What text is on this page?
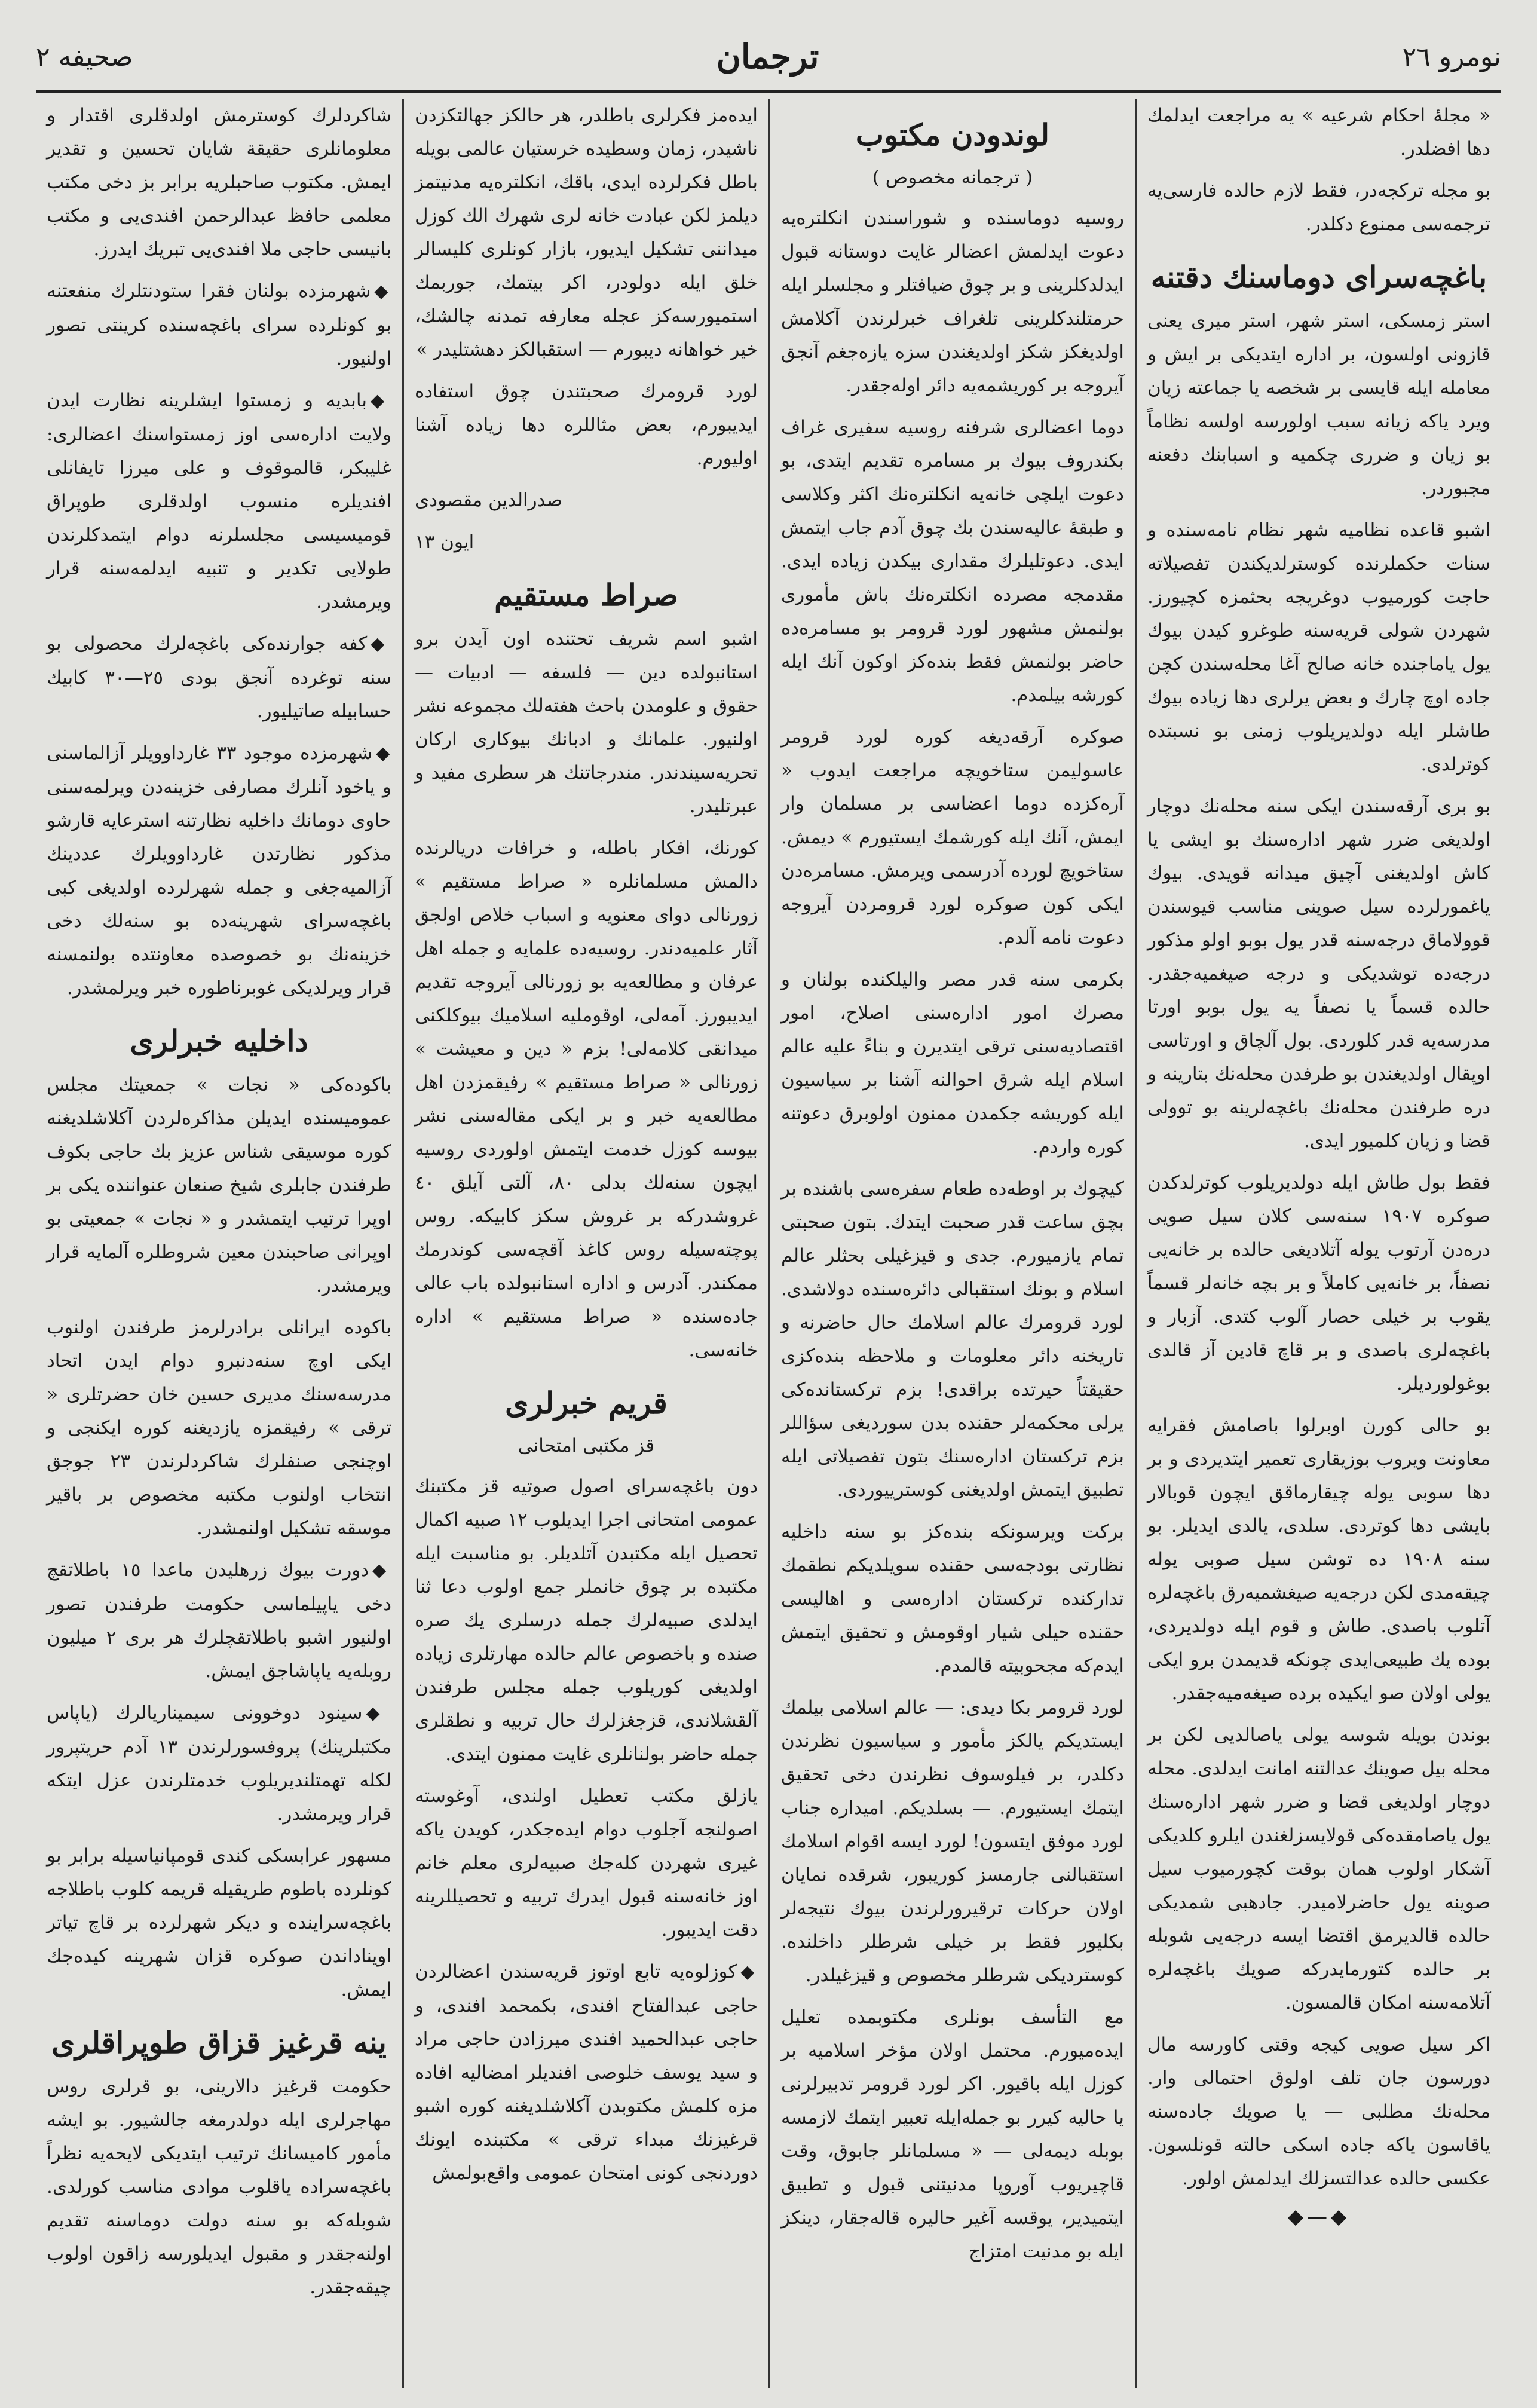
نومرو ٢٦
ترجمان
صحیفه ٢

« مجلۀ احکام شرعیه » یه مراجعت ایدلمك دها افضلدر.

بو مجله ترکجه‌در، فقط لازم حالده فارسی‌یه ترجمه‌سی ممنوع دکلدر.

باغچه‌سرای دوماسنك دقتنه

استر زمسکی، استر شهر، استر میری یعنی قازونی اولسون، بر اداره ایتدیکی بر ایش و معامله ایله قایسی بر شخصه یا جماعته زیان ویرد یاکه زیانه سبب اولورسه اولسه نظاماً بو زیان و ضرری چکمیه و اسبابنك دفعنه مجبوردر.

اشبو قاعده نظامیه شهر نظام نامه‌سنده و سنات حکملرنده کوسترلدیکندن تفصیلاته حاجت کورمیوب دوغریجه بحثمزه کچیورز. شهردن شولی قریه‌سنه طوغرو کیدن بیوك یول یاماجنده خانه صالح آغا محله‌سندن کچن جاده اوچ چارك و بعض یرلری دها زیاده بیوك طاشلر ایله دولدیریلوب زمنی بو نسبتده کوترلدی.

بو بری آرقه‌سندن ایکی سنه محله‌نك دوچار اولدیغی ضرر شهر اداره‌سنك بو ایشی یا کاش اولدیغنی آچیق میدانه قویدی. بیوك یاغمورلرده سیل صوینی مناسب قیوسندن قوولاماق درجه‌سنه قدر یول بوبو اولو مذکور درجه‌ده توشدیکی و درجه صیغمیه‌جقدر. حالده قسماً یا نصفاً یه یول بوبو اورتا مدرسه‌یه قدر کلوردی. بول آلچاق و اورتاسی اوپقال اولدیغندن بو طرفدن محله‌نك بتارینه و دره طرفندن محله‌نك باغچه‌لرینه بو توولی قضا و زیان کلمیور ایدی.

فقط بول طاش ایله دولدیریلوب کوترلدکدن صوکره ١٩٠٧ سنه‌سی کلان سیل صویی دره‌دن آرتوب یوله آتلادیغی حالده بر خانه‌یی نصفاً، بر خانه‌یی کاملاً و بر بچه خانه‌لر قسماً یقوب بر خیلی حصار آلوب کتدی. آزبار و باغچه‌لری باصدی و بر قاچ قادین آز قالدی بوغولوردیلر.

بو حالی کورن اوبرلوا باصامش فقرایه معاونت ویروب بوزیقاری تعمیر ایتدیردی و بر دها سوبی یوله چیقارماقق ایچون قوبالار بایشی دها کوتردی. سلدی، یالدی ایدیلر. بو سنه ١٩٠٨ ده توشن سیل صوبی یوله چیقه‌مدی لکن درجه‌یه صیغشمیه‌رق باغچه‌لره آتلوب باصدی. طاش و قوم ایله دولدیردی، بوده یك طبیعی‌ایدی چونکه قدیمدن برو ایکی یولی اولان صو ایکیده برده صیغه‌میه‌جقدر.

بوندن بویله شوسه یولی یاصالدیی لکن بر محله بیل صوینك عدالتنه امانت ایدلدی. محله دوچار اولدیغی قضا و ضرر شهر اداره‌سنك یول یاصامقده‌کی قولایسزلغندن ایلرو کلدیکی آشکار اولوب همان بوقت کچورمیوب سیل صوینه یول حاضرلامیدر. جادهبی شمدیکی حالده قالدیرمق اقتضا ایسه درجه‌یی شوبله بر حالده کتورمایدرکه صویك باغچه‌لره آتلامه‌سنه امکان قالمسون.

اکر سیل صویی کیجه وقتی کاورسه مال دورسون جان تلف اولوق احتمالی وار. محله‌نك مطلبی — یا صویك جاده‌سنه یاقاسون یاکه جاده اسکی حالته قونلسون. عکسی حالده عدالتسزلك ایدلمش اولور.

◆—◆
لوندودن مکتوب
( ترجمانه مخصوص )

روسیه دوماسنده و شوراسندن انکلتره‌یه دعوت ایدلمش اعضالر غایت دوستانه قبول ایدلدکلرینی و بر چوق ضیافتلر و مجلسلر ایله حرمتلندکلرینی تلغراف خبرلرندن آکلامش اولدیغکز شکز اولدیغندن سزه یازه‌جغم آنجق آیروجه بر کوریشمه‌یه دائر اوله‌جقدر.

دوما اعضالری شرفنه روسیه سفیری غراف بکندروف بیوك بر مسامره تقدیم ایتدی، بو دعوت ایلچی خانه‌یه انکلتره‌نك اکثر وکلاسی و طبقۀ عالیه‌سندن بك چوق آدم جاب ایتمش ایدی. دعوتلیلرك مقداری بیکدن زیاده ایدی. مقدمجه مصرده انکلتره‌نك باش مأموری بولنمش مشهور لورد قرومر بو مسامره‌ده حاضر بولنمش فقط بنده‌کز اوکون آنك ایله کورشه بیلمدم.

صوکره آرقه‌دیغه کوره لورد قرومر عاسولیمن ستاخویچه مراجعت ایدوب « آره‌کزده دوما اعضاسی بر مسلمان وار ایمش، آنك ایله کورشمك ایستیورم » دیمش. ستاخویچ لورده آدرسمی ویرمش. مسامره‌دن ایکی کون صوکره لورد قرومردن آیروجه دعوت نامه آلدم.

بکرمی سنه قدر مصر والیلکنده بولنان و مصرك امور اداره‌سنی اصلاح، امور اقتصادیه‌سنی ترقی ایتدیرن و بناءً علیه عالم اسلام ایله شرق احوالنه آشنا بر سیاسیون ایله کوریشه جکمدن ممنون اولوبرق دعوتنه کوره واردم.

کیچوك بر اوطه‌ده طعام سفره‌سی باشنده بر بچق ساعت قدر صحبت ایتدك. بتون صحبتی تمام یازمیورم. جدی و قیزغیلی بحثلر عالم اسلام و بونك استقبالی دائره‌سنده دولاشدی. لورد قرومرك عالم اسلامك حال حاضرنه و تاریخنه دائر معلومات و ملاحظه بنده‌کزی حقیقتاً حیرتده براقدی! بزم ترکستانده‌کی یرلی محکمه‌لر حقنده بدن سوردیغی سؤاللر بزم ترکستان اداره‌سنك بتون تفصیلاتی ایله تطبیق ایتمش اولدیغنی کوسترییوردی.

برکت ویرسونکه بنده‌کز بو سنه داخلیه نظارتی بودجه‌سی حقنده سویلدیکم نطقمك تدارکنده ترکستان اداره‌سی و اهالیسی حقنده حیلی شیار اوقومش و تحقیق ایتمش ایدم‌که مجحوبیته قالمدم.

لورد قرومر بکا دیدی: — عالم اسلامی بیلمك ایستدیکم یالکز مأمور و سیاسیون نظرندن دکلدر، بر فیلوسوف نظرندن دخی تحقیق ایتمك ایستیورم. — بسلدیکم. امیداره جناب لورد موفق ایتسون! لورد ایسه اقوام اسلامك استقبالنی جارمسز کوریبور، شرقده نمایان اولان حرکات ترقیرورلرندن بیوك نتیجه‌لر بکلیور فقط بر خیلی شرطلر داخلنده. کوستردیکی شرطلر مخصوص و قیزغیلدر.

مع التأسف بونلری مکتوبمده تعلیل ایده‌میورم. محتمل اولان مؤخر اسلامیه بر کوزل ایله باقیور. اکر لورد قرومر تدبیرلرنی یا حالیه کیرر بو جمله‌ایله تعبیر ایتمك لازمسه بوبله دیمه‌لی — « مسلمانلر جابوق، وقت قاچیریوب آوروپا مدنیتنی قبول و تطبیق ایتمیدیر، یوقسه آغیر حالیره قاله‌جقار، دینکز ایله بو مدنیت امتزاج

ایده‌مز فکرلری باطلدر، هر حالکز جهالتکزدن ناشیدر، زمان وسطیده خرستیان عالمی بویله باطل فکرلرده ایدی، باقك، انکلتره‌یه مدنیتمز دیلمز لکن عبادت خانه لری شهرك الك کوزل میداننی تشکیل ایدیور، بازار کونلری کلیسالر خلق ایله دولودر، اکر بیتمك، جوربمك استمیورسه‌کز عجله معارفه تمدنه چالشك، خیر خواهانه دیبورم — استقبالکز دهشتلیدر »

لورد قرومرك صحبتندن چوق استفاده ایدیبورم، بعض مثاللره دها زیاده آشنا اولیورم.

صدرالدین مقصودی
ایون ١٣
صراط مستقیم

اشبو اسم شریف تحتنده اون آیدن برو استانبولده دین — فلسفه — ادبیات — حقوق و علومدن باحث هفته‌لك مجموعه نشر اولنیور. علمانك و ادبانك بیوکاری ارکان تحریه‌سیندندر. مندرجاتنك هر سطری مفید و عبرتلیدر.

کورنك، افکار باطله، و خرافات دریالرنده دالمش مسلمانلره « صراط مستقیم » زورنالی دوای معنویه و اسباب خلاص اولجق آثار علمیه‌دندر. روسیه‌ده علمایه و جمله اهل عرفان و مطالعه‌یه بو زورنالی آیروجه تقدیم ایدیبورز. آمه‌لی، اوقوملیه اسلامیك بیوکلکنی میدانقی کلامه‌لی! بزم « دین و معیشت » زورنالی « صراط مستقیم » رفیقمزدن اهل مطالعه‌یه خبر و بر ایکی مقاله‌سنی نشر بیوسه کوزل خدمت ایتمش اولوردی روسیه ایچون سنه‌لك بدلی ٨٠، آلتی آیلق ٤٠ غروشدر‌که بر غروش سکز کابیکه. روس پوچته‌سیله روس کاغذ آقچه‌سی کوندرمك ممکندر. آدرس و اداره استانبولده باب عالی جاده‌سنده « صراط مستقیم » اداره خانه‌سی.

قریم خبرلری
قز مکتبی امتحانی

دون باغچه‌سرای اصول صوتیه قز مکتبنك عمومی امتحانی اجرا ایدیلوب ١٢ صبیه اکمال تحصیل ایله مکتبدن آتلدیلر. بو مناسبت ایله مکتبده بر چوق خانملر جمع اولوب دعا ثنا ایدلدی صبیه‌لرك جمله درسلری یك صره صنده و باخصوص عالم حالده مهارتلری زیاده اولدیغی کوریلوب جمله مجلس طرفندن آلقشلاندی، قزجغزلرك حال تربیه و نطقلری جمله حاضر بولنانلری غایت ممنون ایتدی.

یازلق مکتب تعطیل اولندی، آوغوسته اصولنجه آجلوب دوام ایده‌جکدر، کویدن یاکه غیری شهردن کله‌جك صبیه‌لری معلم خانم اوز خانه‌سنه قبول ایدرك تربیه و تحصیللرینه دقت ایدیبور.

◆کوزلوه‌یه تابع اوتوز قریه‌سندن اعضالردن حاجی عبدالفتاح افندی، بکمحمد افندی، و حاجی عبدالحمید افندی میرزادن حاجی مراد و سید یوسف خلوصی افندیلر امضالیه افاده مزه کلمش مکتوبدن آکلاشلدیغنه کوره اشبو قرغیزنك مبداء ترقی » مکتبنده ایونك دوردنجی کونی امتحان عمومی واقع‌بولمش

شاکردلرك کوسترمش اولدقلری اقتدار و معلومانلری حقیقة شایان تحسین و تقدیر ایمش. مکتوب صاحبلریه برابر بز دخی مکتب معلمی حافظ عبدالرحمن افندی‌یی و مکتب بانیسی حاجی ملا افندی‌یی تبریك ایدرز.

◆شهرمزده بولنان فقرا ستودنتلرك منفعتنه بو کونلرده سرای باغچه‌سنده کرینتی تصور اولنیور.

◆بابدیه و زمستوا ایشلرینه نظارت ایدن ولایت اداره‌سی اوز زمستواسنك اعضالری: غلیبکر، قالموقوف و علی میرزا تایفانلی افندیلره منسوب اولدقلری طوپراق قومیسیسی مجلسلرنه دوام ایتمدکلرندن طولایی تکدیر و تنبیه ایدلمه‌سنه قرار ویرمشدر.

◆کفه جوارنده‌کی باغچه‌لرك محصولی بو سنه توغرده آنجق بودی ٢٥—٣٠ کابیك حسابیله صاتیلیور.

◆شهرمزده موجود ٣٣ غارداوویلر آزالماسنی و یاخود آنلرك مصارفی خزینه‌دن ویرلمه‌سنی حاوی دومانك داخلیه نظارتنه استرعایه قارشو مذکور نظارتدن غارداوویلرك عددینك آزالمیه‌جغی و جمله شهرلرده اولدیغی کبی باغچه‌سرای شهرینه‌ده بو سنه‌لك دخی خزینه‌نك بو خصوصده معاونتده بولنمسنه قرار ویرلدیکی غوبرناطوره خبر ویرلمشدر.

داخلیه خبرلری

باکوده‌کی « نجات » جمعیتك مجلس عمومیسنده ایدیلن مذاکره‌لردن آکلاشلدیغنه کوره موسیقی شناس عزیز بك حاجی بکوف طرفندن جابلری شیخ صنعان عنواننده یکی بر اوپرا ترتیب ایتمشدر و « نجات » جمعیتی بو اوپرانی صاحبندن معین شروطلره آلمایه قرار ویرمشدر.

باکوده ایرانلی برادرلرمز طرفندن اولنوب ایکی اوچ سنه‌دنبرو دوام ایدن اتحاد مدرسه‌سنك مدیری حسین خان حضرتلری « ترقی » رفیقمزه یازدیغنه کوره ایکنجی و اوچنجی صنفلرك شاکردلرندن ٢٣ جوجق انتخاب اولنوب مکتبه مخصوص بر باقیر موسقه تشکیل اولنمشدر.

◆دورت بیوك زرهلیدن ماعدا ١٥ باطلاتقچ دخی یاپیلماسی حکومت طرفندن تصور اولنیور اشبو باطلاتقچلرك هر بری ٢ میلیون روبله‌یه یاپاشاجق ایمش.

◆سینود دوخوونی سیمیناریالرك (یاپاس مکتبلرینك) پروفسورلرندن ١٣ آدم حریتپرور لکله تهمتلندیریلوب خدمتلرندن عزل ایتکه قرار ویرمشدر.

مسهور عرابسکی کندی قومپانیاسیله برابر بو کونلرده باطوم طریقیله قریمه کلوب باطلاجه باغچه‌سراینده و دیکر شهرلرده بر قاچ تیاتر اویناداندن صوکره قزان شهرینه کیده‌جك ایمش.

ینه قرغیز قزاق طوپراقلری

حکومت قرغیز دالارینی، بو قرلری روس مهاجرلری ایله دولدرمغه جالشیور. بو ایشه مأمور کامیسانك ترتیب ایتدیکی لایحه‌یه نظراً باغچه‌سراده یاقلوب موادی مناسب کورلدی. شوبله‌که بو سنه دولت دوماسنه تقدیم اولنه‌جقدر و مقبول ایدیلورسه زاقون اولوب چیقه‌جقدر.
